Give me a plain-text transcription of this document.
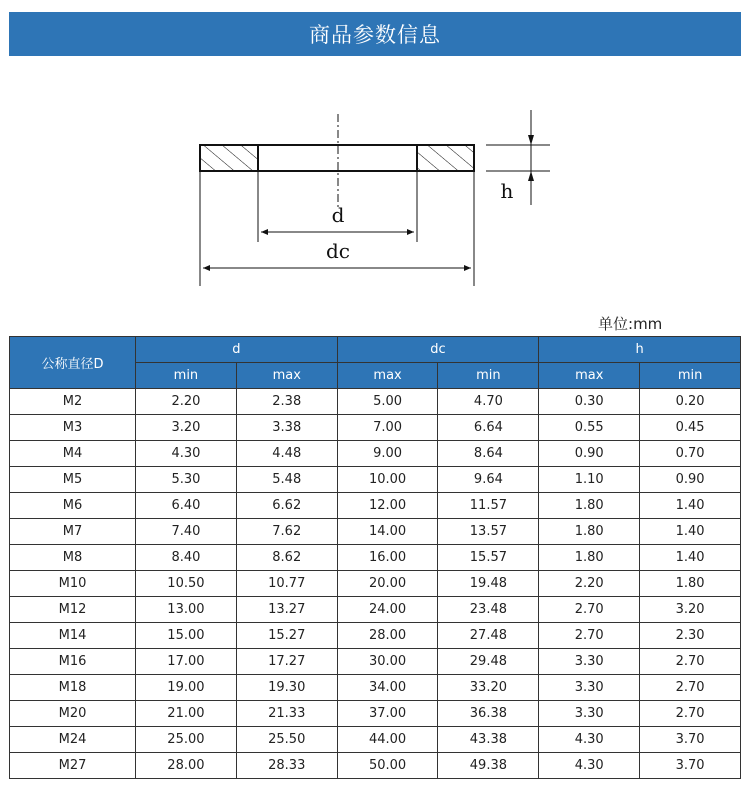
商品参数信息
d
dc
h
单位:mm
公称直径D	d		dc		h	
	min	max	max	min	max	min
M2	2.20	2.38	5.00	4.70	0.30	0.20
M3	3.20	3.38	7.00	6.64	0.55	0.45
M4	4.30	4.48	9.00	8.64	0.90	0.70
M5	5.30	5.48	10.00	9.64	1.10	0.90
M6	6.40	6.62	12.00	11.57	1.80	1.40
M7	7.40	7.62	14.00	13.57	1.80	1.40
M8	8.40	8.62	16.00	15.57	1.80	1.40
M10	10.50	10.77	20.00	19.48	2.20	1.80
M12	13.00	13.27	24.00	23.48	2.70	3.20
M14	15.00	15.27	28.00	27.48	2.70	2.30
M16	17.00	17.27	30.00	29.48	3.30	2.70
M18	19.00	19.30	34.00	33.20	3.30	2.70
M20	21.00	21.33	37.00	36.38	3.30	2.70
M24	25.00	25.50	44.00	43.38	4.30	3.70
M27	28.00	28.33	50.00	49.38	4.30	3.70
